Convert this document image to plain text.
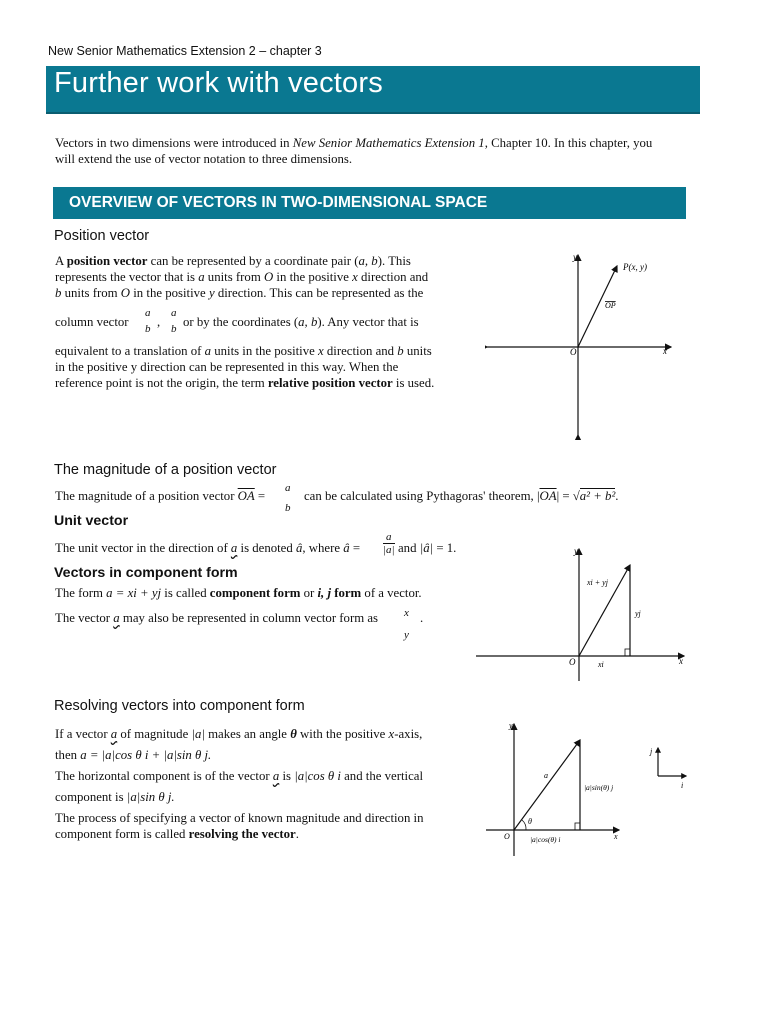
New Senior Mathematics Extension 2 – chapter 3
Further work with vectors
Vectors in two dimensions were introduced in New Senior Mathematics Extension 1, Chapter 10. In this chapter, you
will extend the use of vector notation to three dimensions.
OVERVIEW OF VECTORS IN TWO-DIMENSIONAL SPACE
Position vector
A position vector can be represented by a coordinate pair (a, b). This
represents the vector that is a units from O in the positive x direction and
b units from O in the positive y direction. This can be represented as the
column vector
a
b ,
a
b or by the coordinates (a, b). Any vector that is
equivalent to a translation of a units in the positive x direction and b units
in the positive y direction can be represented in this way. When the
reference point is not the origin, the term relative position vector is used.
y
x
O
P(x, y)
OP
The magnitude of a position vector
The magnitude of a position vector $\overline{OA}$ =
a
b
can be calculated using Pythagoras' theorem, $|\overline{OA}| = √a^2 + b^2$.
Unit vector
The unit vector in the direction of a is denoted â, where â = $\frac{a}{|a|}$ and |â| = 1.
Vectors in component form
The form a = xi + yj is called component form or i, j form of a vector.
The vector a may also be represented in column vector form as x
y
.
y
x
O
xi + yj
yj
xi
Resolving vectors into component form
If a vector a of magnitude |a| makes an angle θ with the positive x-axis,
then a = |a|cos θ i + |a|sin θ j.
The horizontal component is of the vector a is |a|cos θ i and the vertical
component is |a|sin θ j.
The process of specifying a vector of known magnitude and direction in
component form is called resolving the vector.
y
x
O
θ
a
|a|sin(θ) j
|a|cos(θ) i
j
i
